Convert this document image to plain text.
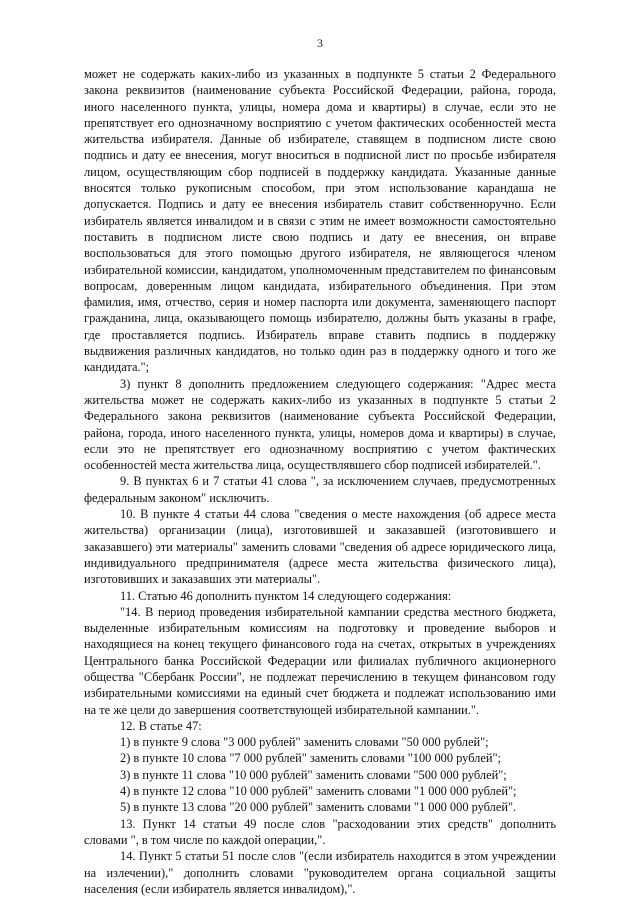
3

может не содержать каких-либо из указанных в подпункте 5 статьи 2 Федерального закона реквизитов (наименование субъекта Российской Федерации, района, города, иного населенного пункта, улицы, номера дома и квартиры) в случае, если это не препятствует его однозначному восприятию с учетом фактических особенностей места жительства избирателя. Данные об избирателе, ставящем в подписном листе свою подпись и дату ее внесения, могут вноситься в подписной лист по просьбе избирателя лицом, осуществляющим сбор подписей в поддержку кандидата. Указанные данные вносятся только рукописным способом, при этом использование карандаша не допускается. Подпись и дату ее внесения избиратель ставит собственноручно. Если избиратель является инвалидом и в связи с этим не имеет возможности самостоятельно поставить в подписном листе свою подпись и дату ее внесения, он вправе воспользоваться для этого помощью другого избирателя, не являющегося членом избирательной комиссии, кандидатом, уполномоченным представителем по финансовым вопросам, доверенным лицом кандидата, избирательного объединения. При этом фамилия, имя, отчество, серия и номер паспорта или документа, заменяющего паспорт гражданина, лица, оказывающего помощь избирателю, должны быть указаны в графе, где проставляется подпись. Избиратель вправе ставить подпись в поддержку выдвижения различных кандидатов, но только один раз в поддержку одного и того же кандидата.";

3) пункт 8 дополнить предложением следующего содержания: "Адрес места жительства может не содержать каких-либо из указанных в подпункте 5 статьи 2 Федерального закона реквизитов (наименование субъекта Российской Федерации, района, города, иного населенного пункта, улицы, номеров дома и квартиры) в случае, если это не препятствует его однозначному восприятию с учетом фактических особенностей места жительства лица, осуществлявшего сбор подписей избирателей.".

9. В пунктах 6 и 7 статьи 41 слова ", за исключением случаев, предусмотренных федеральным законом" исключить.

10. В пункте 4 статьи 44 слова "сведения о месте нахождения (об адресе места жительства) организации (лица), изготовившей и заказавшей (изготовившего и заказавшего) эти материалы" заменить словами "сведения об адресе юридического лица, индивидуального предпринимателя (адресе места жительства физического лица), изготовивших и заказавших эти материалы".

11. Статью 46 дополнить пунктом 14 следующего содержания:

"14. В период проведения избирательной кампании средства местного бюджета, выделенные избирательным комиссиям на подготовку и проведение выборов и находящиеся на конец текущего финансового года на счетах, открытых в учреждениях Центрального банка Российской Федерации или филиалах публичного акционерного общества "Сбербанк России", не подлежат перечислению в текущем финансовом году избирательными комиссиями на единый счет бюджета и подлежат использованию ими на те же цели до завершения соответствующей избирательной кампании.".

12. В статье 47:

1) в пункте 9 слова "3 000 рублей" заменить словами "50 000 рублей";

2) в пункте 10 слова "7 000 рублей" заменить словами "100 000 рублей";

3) в пункте 11 слова "10 000 рублей" заменить словами "500 000 рублей";

4) в пункте 12 слова "10 000 рублей" заменить словами "1 000 000 рублей";

5) в пункте 13 слова "20 000 рублей" заменить словами "1 000 000 рублей".

13. Пункт 14 статьи 49 после слов "расходовании этих средств" дополнить словами ", в том числе по каждой операции,".

14. Пункт 5 статьи 51 после слов "(если избиратель находится в этом учреждении на излечении)," дополнить словами "руководителем органа социальной защиты населения (если избиратель является инвалидом),".
